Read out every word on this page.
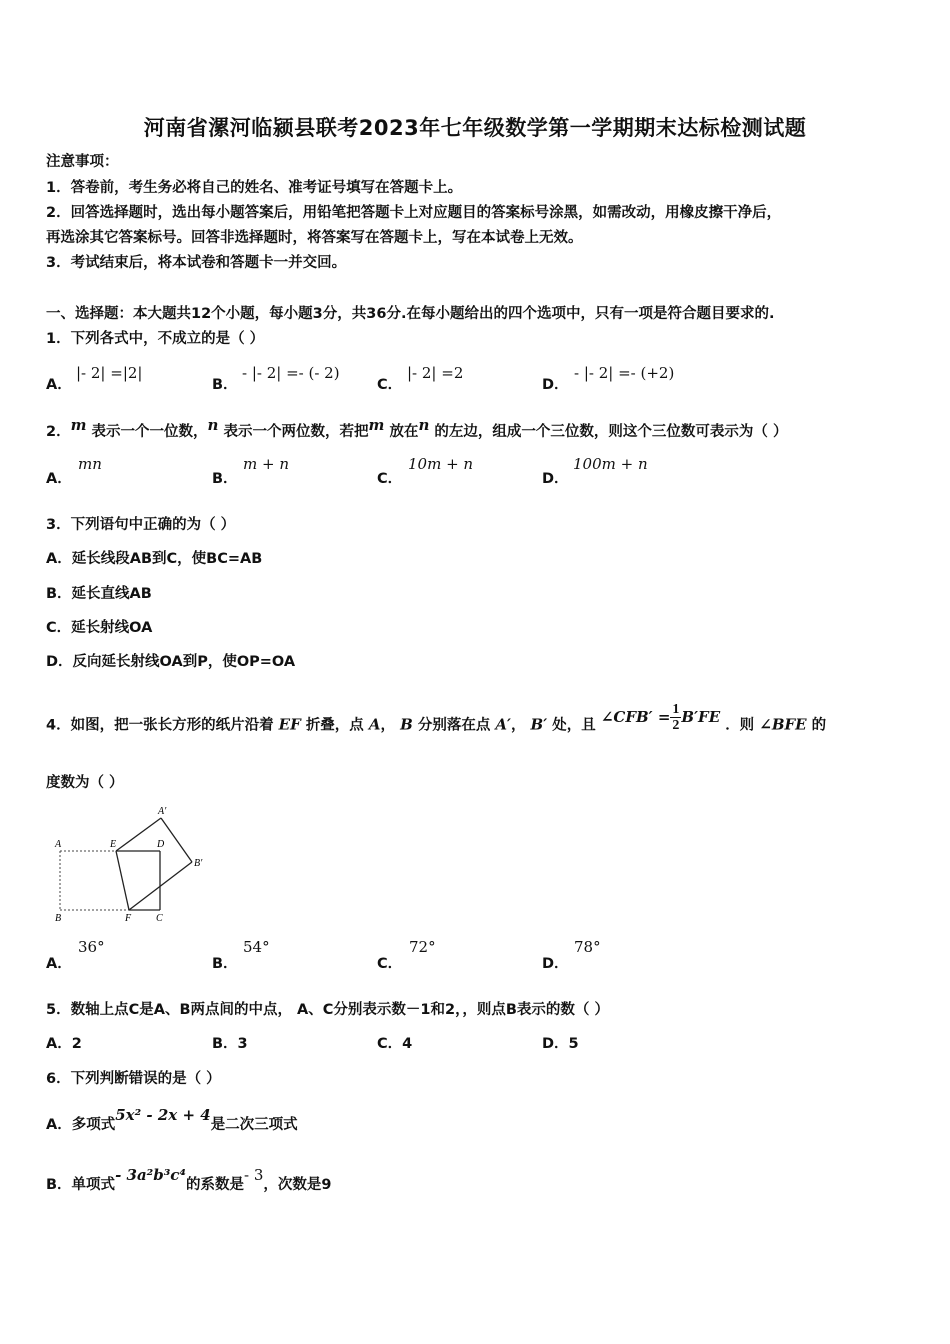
河南省漯河临颍县联考2023年七年级数学第一学期期末达标检测试题
注意事项：
1．答卷前，考生务必将自己的姓名、准考证号填写在答题卡上。
2．回答选择题时，选出每小题答案后，用铅笔把答题卡上对应题目的答案标号涂黑，如需改动，用橡皮擦干净后，
再选涂其它答案标号。回答非选择题时，将答案写在答题卡上，写在本试卷上无效。
3．考试结束后，将本试卷和答题卡一并交回。
一、选择题：本大题共12个小题，每小题3分，共36分.在每小题给出的四个选项中，只有一项是符合题目要求的.
1．下列各式中，不成立的是（ ）
A．
|- 2| =|2|
B．
- |- 2| =- (- 2)
C．
|- 2| =2
D．
- |- 2| =- (+2)
2．m 表示一个一位数，n 表示一个两位数，若把m 放在n 的左边，组成一个三位数，则这个三位数可表示为（ ）
A．
mn
B．
m + n
C．
10m + n
D．
100m + n
3．下列语句中正确的为（ ）
A．延长线段AB到C，使BC=AB
B．延长直线AB
C．延长射线OA
D．反向延长射线OA到P，使OP=OA
4．如图，把一张长方形的纸片沿着 EF 折叠，点 A， B 分别落在点 A′， B′ 处，且 ∠CFB′ = $\frac{1}{2} B'FE$ ．则 ∠BFE 的
度数为（ ）
A	E	D
A′
B′
B	F C
A．
36°
B．
54°
C．
72°
D．
78°
5．数轴上点C是A、B两点间的中点， A、C分别表示数－1和2，，则点B表示的数（ ）
A．2	B．3	C．4	D．5
6．下列判断错误的是（ ）
A．多项式5x² - 2x + 4是二次三项式
B．单项式- 3a²b³c⁴的系数是- 3，次数是9
